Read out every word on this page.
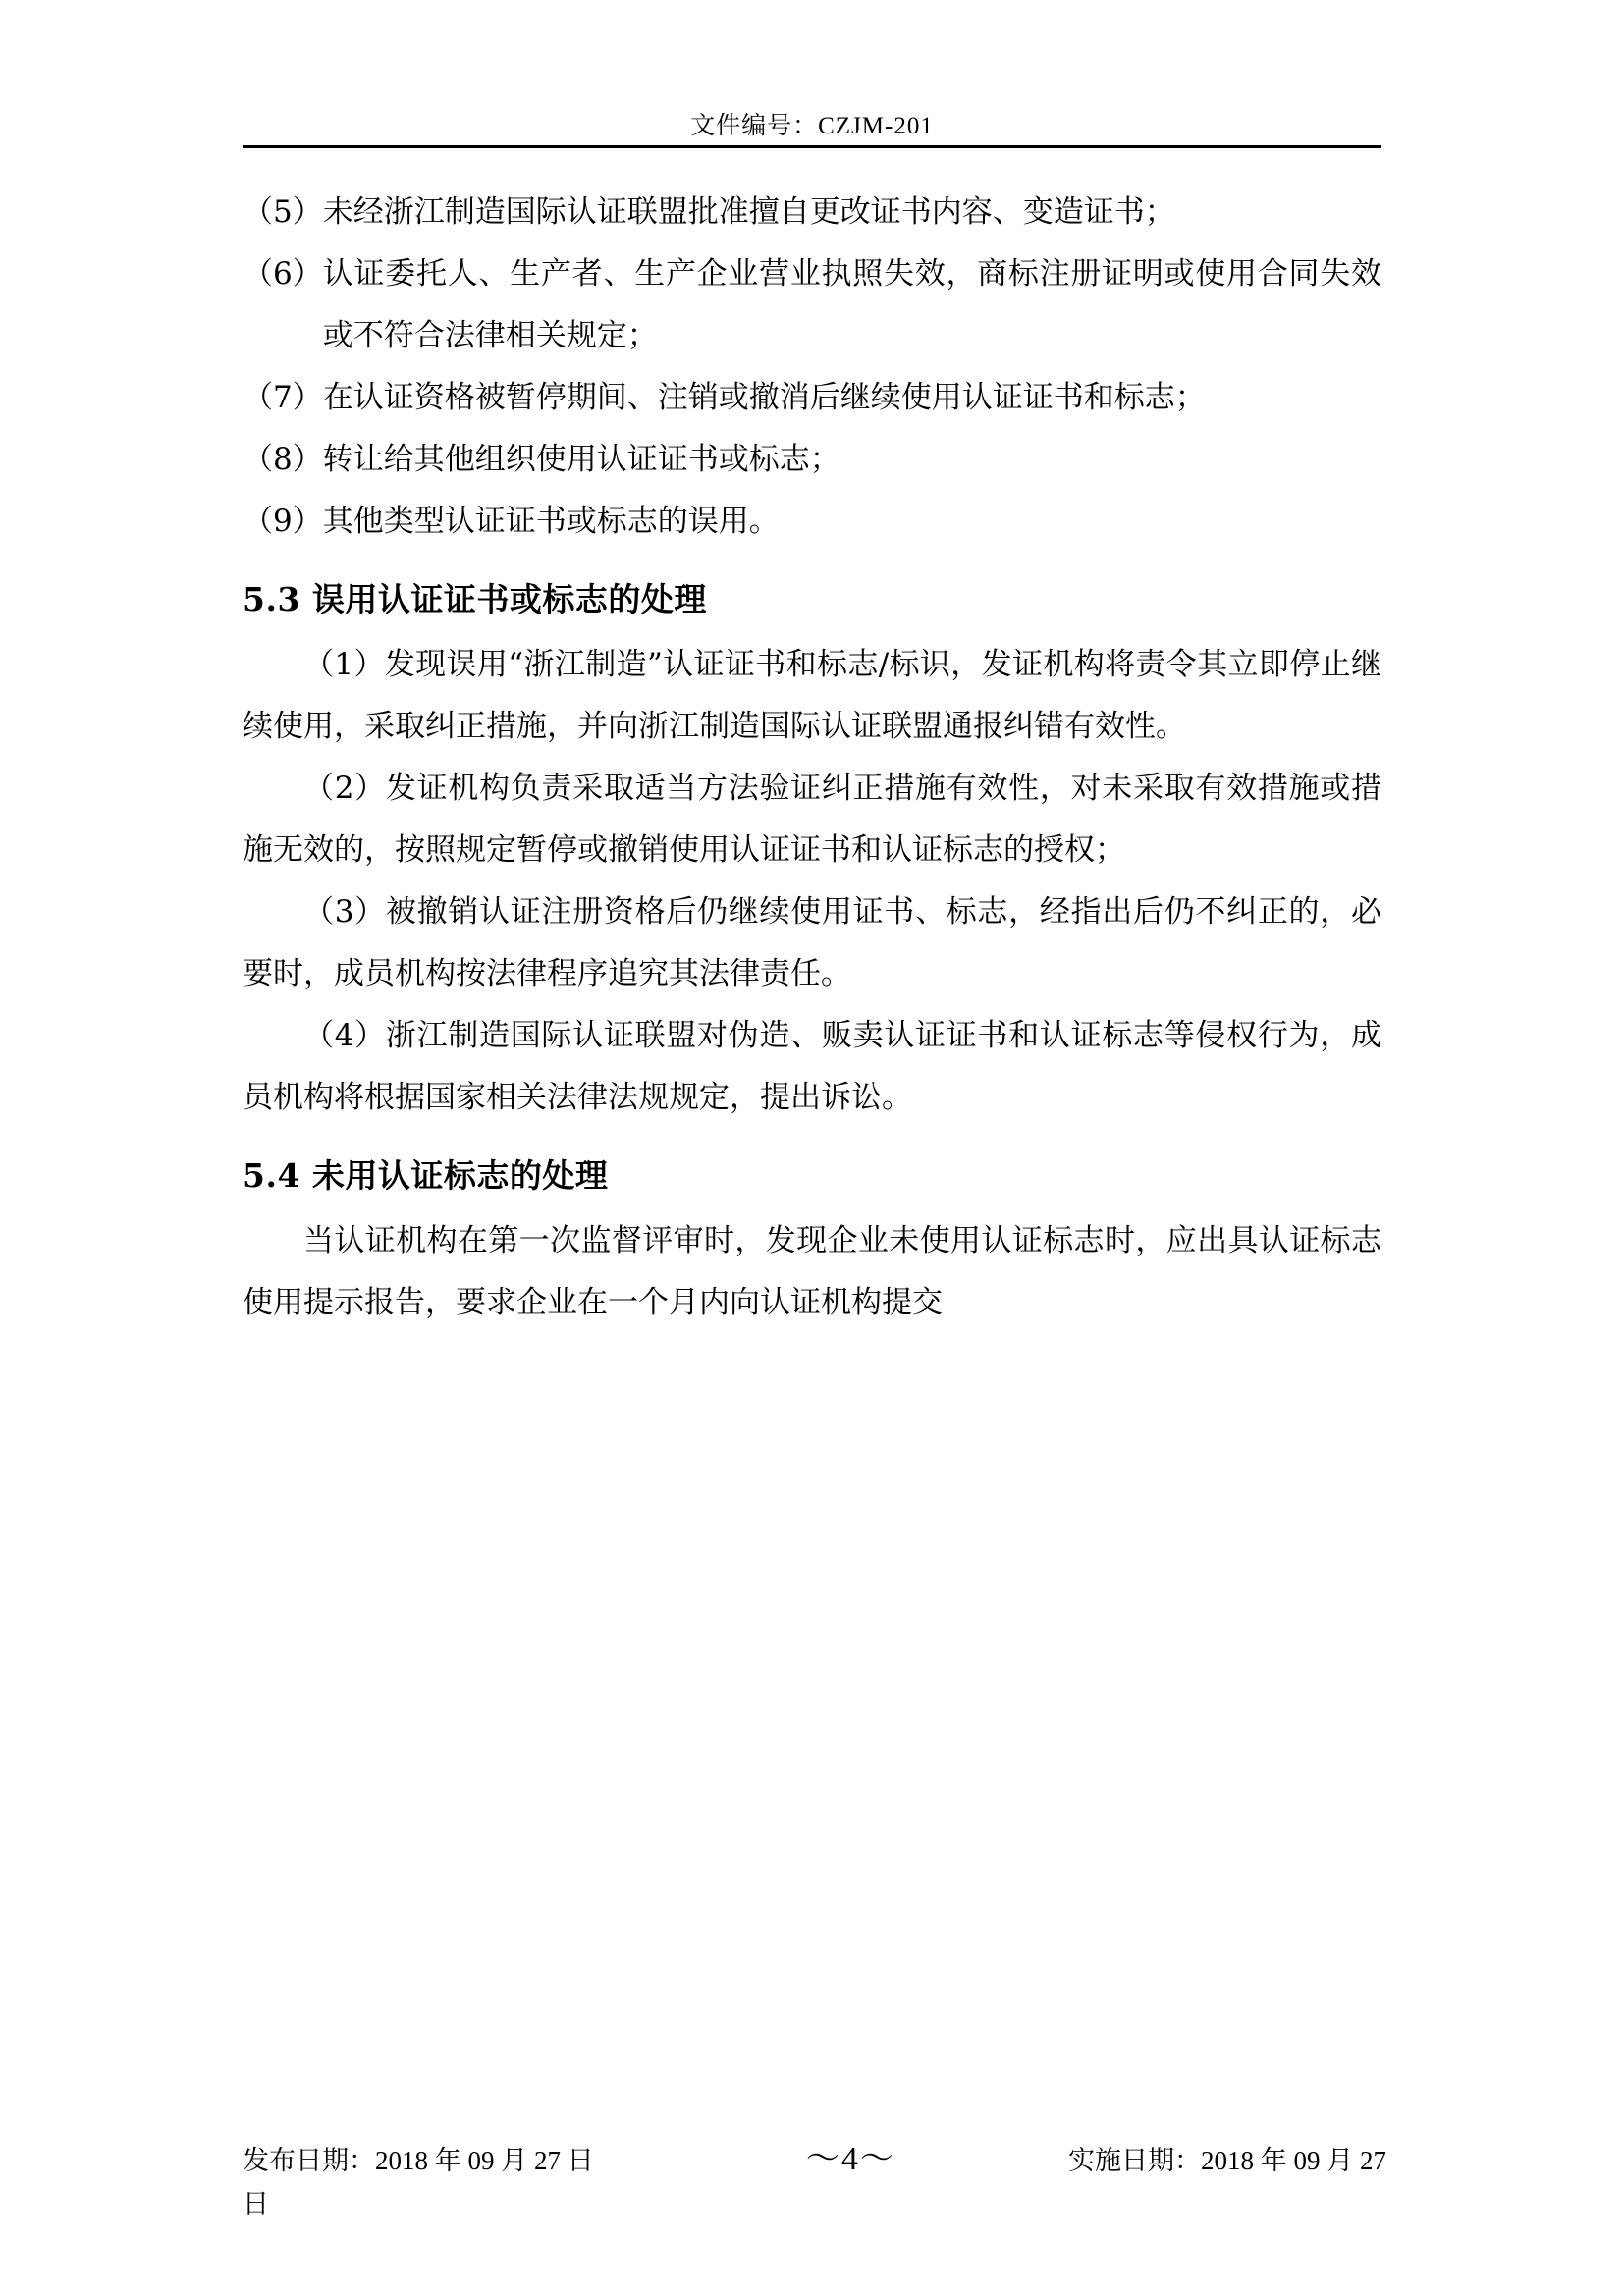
文件编号：CZJM-201
（5） 未经浙江制造国际认证联盟批准擅自更改证书内容、变造证书；
（6） 认证委托人、生产者、生产企业营业执照失效，商标注册证明或使用合同失效或不符合法律相关规定；
（7） 在认证资格被暂停期间、注销或撤消后继续使用认证证书和标志；
（8） 转让给其他组织使用认证证书或标志；
（9） 其他类型认证证书或标志的误用。
5.3 误用认证证书或标志的处理

（1）发现误用“浙江制造”认证证书和标志/标识，发证机构将责令其立即停止继续使用，采取纠正措施，并向浙江制造国际认证联盟通报纠错有效性。

（2）发证机构负责采取适当方法验证纠正措施有效性，对未采取有效措施或措施无效的，按照规定暂停或撤销使用认证证书和认证标志的授权；

（3）被撤销认证注册资格后仍继续使用证书、标志，经指出后仍不纠正的，必要时，成员机构按法律程序追究其法律责任。

（4）浙江制造国际认证联盟对伪造、贩卖认证证书和认证标志等侵权行为，成员机构将根据国家相关法律法规规定，提出诉讼。

5.4 未用认证标志的处理

当认证机构在第一次监督评审时，发现企业未使用认证标志时，应出具认证标志使用提示报告，要求企业在一个月内向认证机构提交

发布日期：2018 年 09 月 27 日	～4～	实施日期：2018 年 09 月 27
日
